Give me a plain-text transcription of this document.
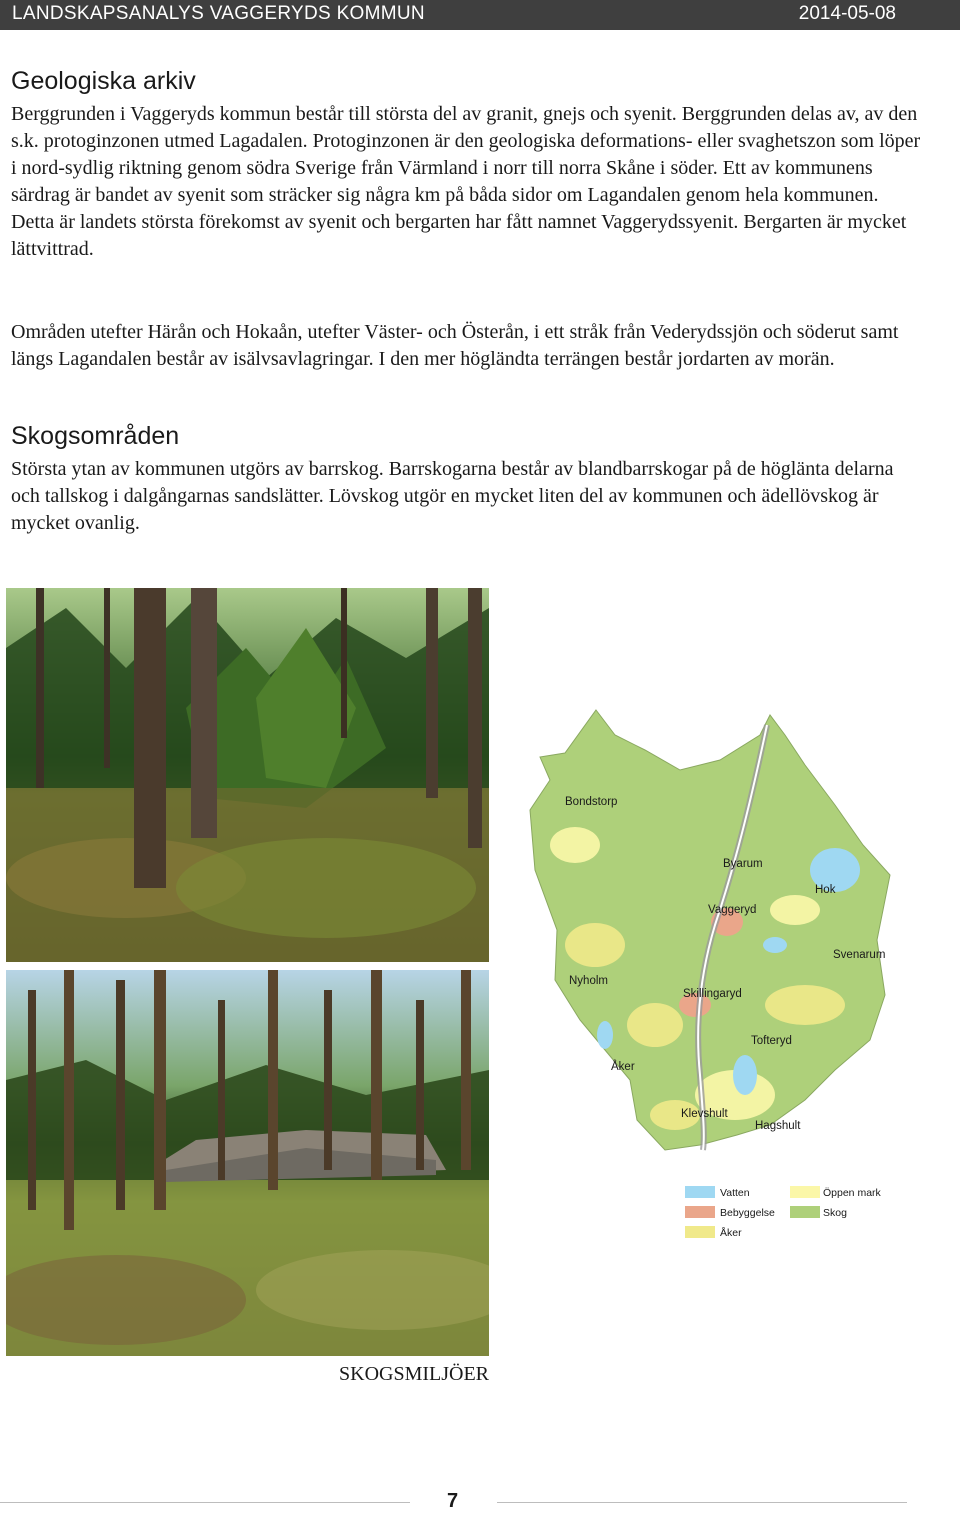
LANDSKAPSANALYS VAGGERYDS KOMMUN	2014-05-08
Geologiska arkiv

Berggrunden i Vaggeryds kommun består till största del av granit, gnejs och syenit. Berggrunden delas av, av den s.k. protoginzonen utmed Lagadalen. Protoginzonen är den geologiska deformations- eller svaghetszon som löper i nord-sydlig riktning genom södra Sverige från Värmland i norr till norra Skåne i söder. Ett av kommunens särdrag är bandet av syenit som sträcker sig några km på båda sidor om Lagandalen genom hela kommunen. Detta är landets största förekomst av syenit och bergarten har fått namnet Vaggerydssyenit. Bergarten är mycket lättvittrad.

Områden utefter Härån och Hokaån, utefter Väster- och Österån, i ett stråk från Vederydssjön och söderut samt längs Lagandalen består av isälvsavlagringar. I den mer högländta terrängen består jordarten av morän.

Skogsområden

Största ytan av kommunen utgörs av barrskog. Barrskogarna består av blandbarrskogar på de högläntа delarna och tallskog i dalgångarnas sandslätter. Lövskog utgör en mycket liten del av kommunen och ädellövskog är mycket ovanlig.

SKOGSMILJÖER
Bondstorp
Byarum
Hok
Vaggeryd
Svenarum
Nyholm
Skillingaryd
Tofteryd
Åker
Klevshult
Hagshult
Vatten	Öppen mark
Bebyggelse	Skog
Åker
7
